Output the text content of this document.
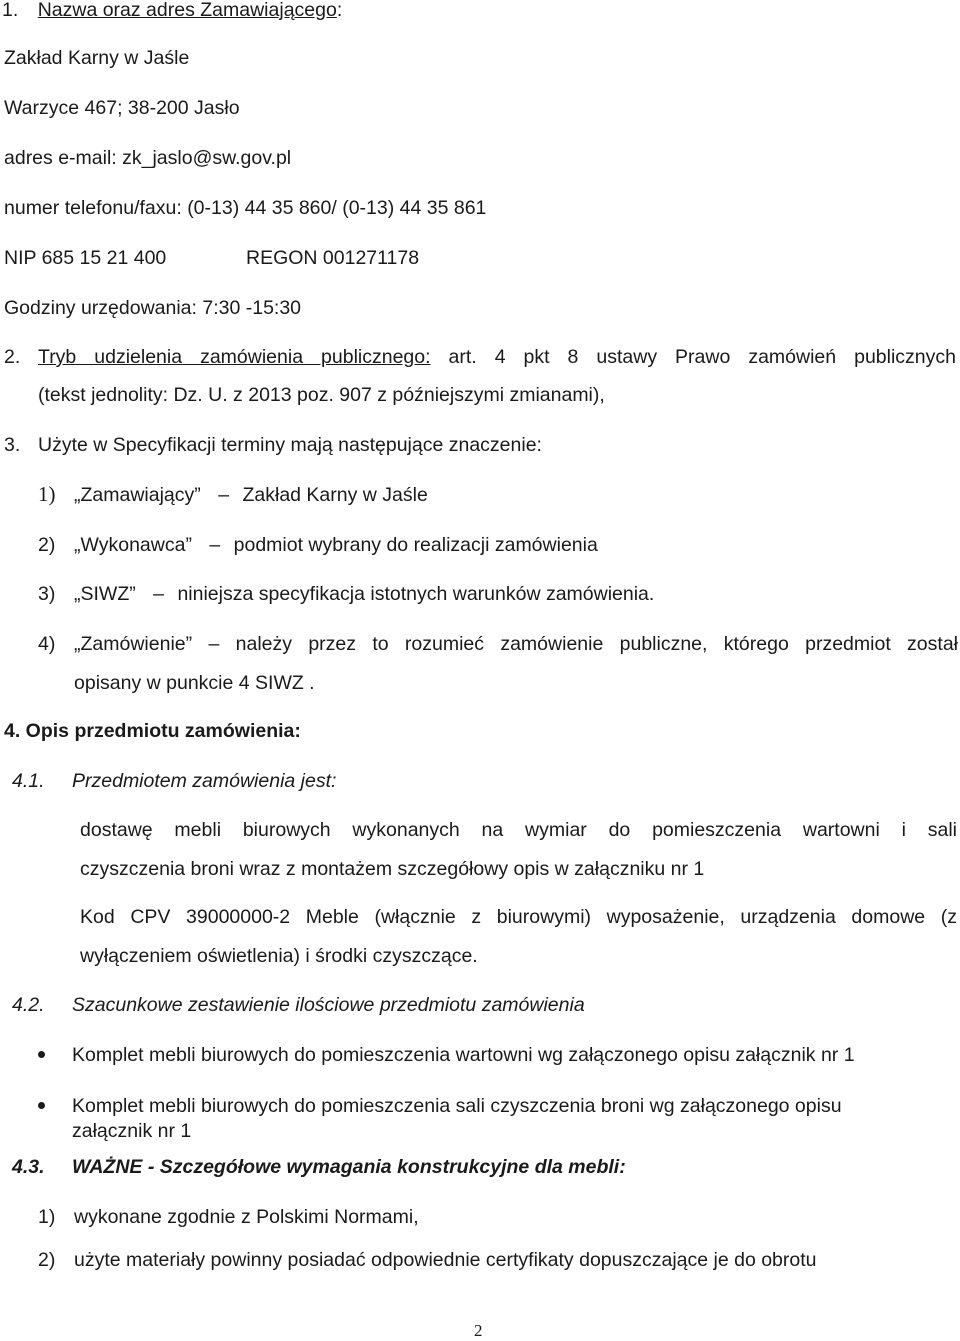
1. Nazwa oraz adres Zamawiającego:
Zakład Karny w Jaśle
Warzyce 467; 38-200 Jasło
adres e-mail: zk_jaslo@sw.gov.pl
numer telefonu/faxu: (0-13) 44 35 860/ (0-13) 44 35 861
NIP 685 15 21 400	REGON 001271178
Godziny urzędowania: 7:30 -15:30
2. Tryb udzielenia zamówienia publicznego: art. 4 pkt 8 ustawy Prawo zamówień publicznych
(tekst jednolity: Dz. U. z 2013 poz. 907 z późniejszymi zmianami),
3. Użyte w Specyfikacji terminy mają następujące znaczenie:
1) „Zamawiający” – Zakład Karny w Jaśle
2) „Wykonawca” – podmiot wybrany do realizacji zamówienia
3) „SIWZ” – niniejsza specyfikacja istotnych warunków zamówienia.
4) „Zamówienie” – należy przez to rozumieć zamówienie publiczne, którego przedmiot został
opisany w punkcie 4 SIWZ .
4. Opis przedmiotu zamówienia:
4.1. Przedmiotem zamówienia jest:
dostawę mebli biurowych wykonanych na wymiar do pomieszczenia wartowni i sali
czyszczenia broni wraz z montażem szczegółowy opis w załączniku nr 1
Kod CPV 39000000-2 Meble (włącznie z biurowymi) wyposażenie, urządzenia domowe (z
wyłączeniem oświetlenia) i środki czyszczące.
4.2. Szacunkowe zestawienie ilościowe przedmiotu zamówienia
Komplet mebli biurowych do pomieszczenia wartowni wg załączonego opisu załącznik nr 1
Komplet mebli biurowych do pomieszczenia sali czyszczenia broni wg załączonego opisu
załącznik nr 1
4.3. WAŻNE - Szczegółowe wymagania konstrukcyjne dla mebli:
1) wykonane zgodnie z Polskimi Normami,
2) użyte materiały powinny posiadać odpowiednie certyfikaty dopuszczające je do obrotu
2
